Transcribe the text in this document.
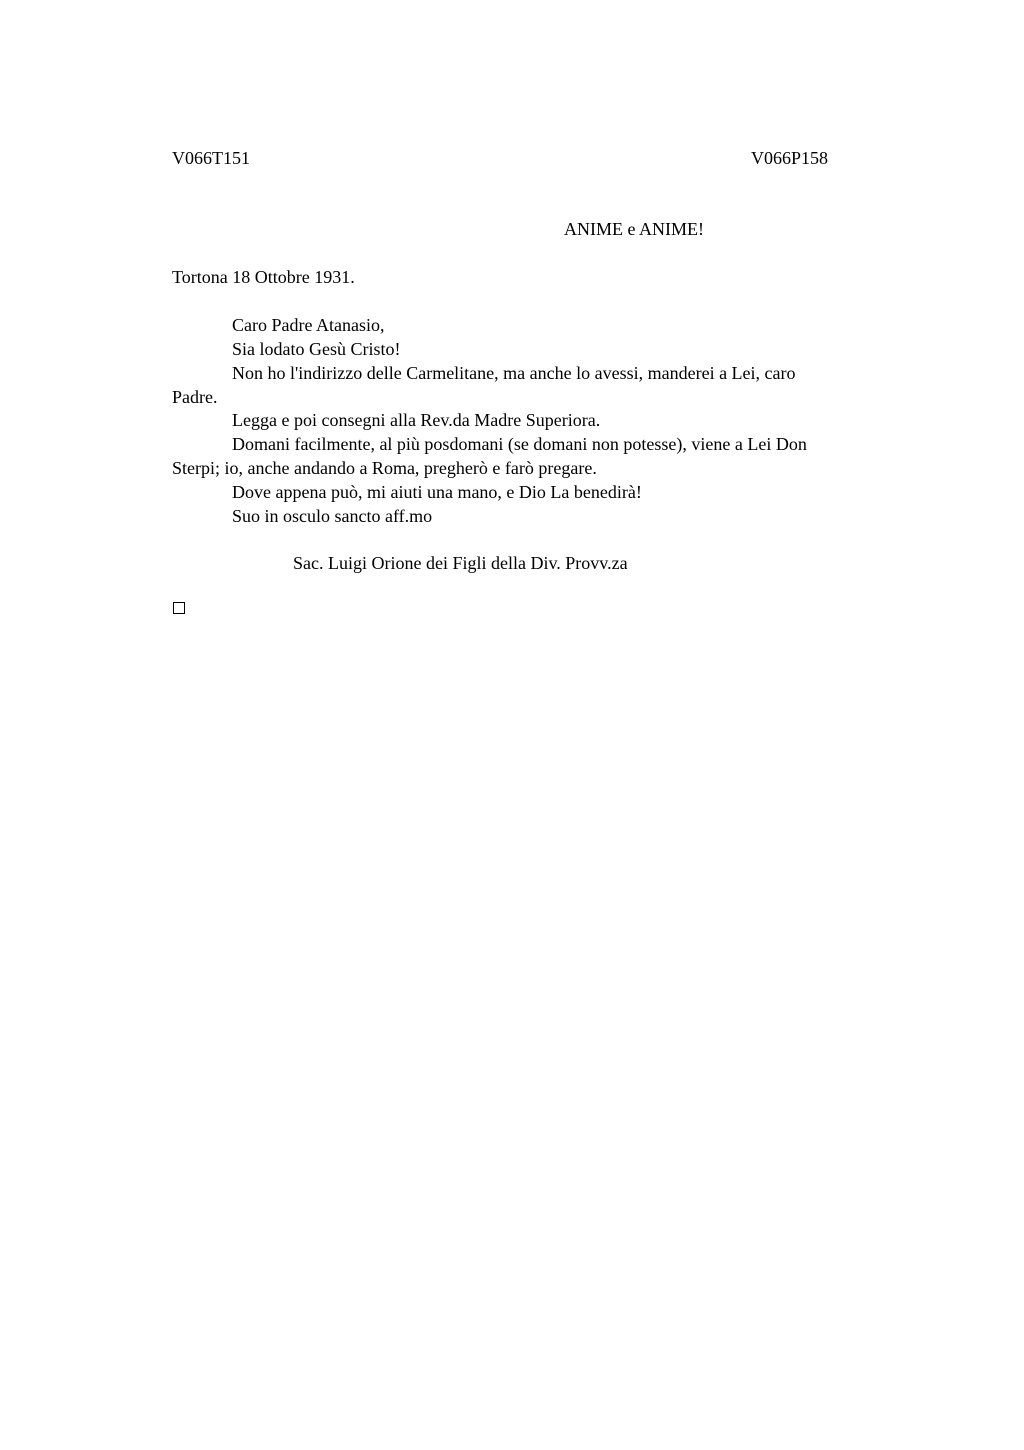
V066T151	V066P158
ANIME e ANIME!
Tortona 18 Ottobre 1931.
Caro Padre Atanasio,
Sia lodato Gesù Cristo!
Non ho l'indirizzo delle Carmelitane, ma anche lo avessi, manderei a Lei, caro
Padre.
Legga e poi consegni alla Rev.da Madre Superiora.
Domani facilmente, al più posdomani (se domani non potesse), viene a Lei Don
Sterpi; io, anche andando a Roma, pregherò e farò pregare.
Dove appena può, mi aiuti una mano, e Dio La benedirà!
Suo in osculo sancto aff.mo
Sac. Luigi Orione dei Figli della Div. Provv.za
